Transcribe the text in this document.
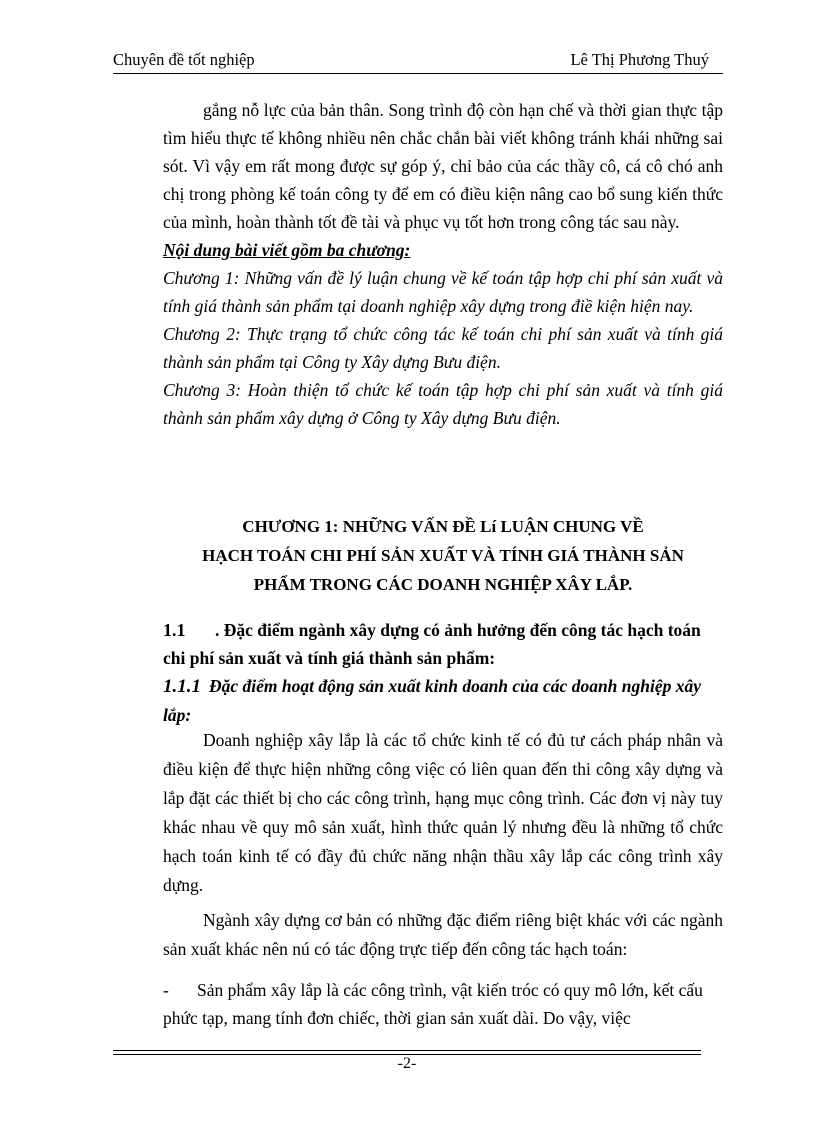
Chuyên đề tốt nghiệp	Lê Thị Phương Thuý

gắng nỗ lực của bản thân. Song trình độ còn hạn chế và thời gian thực tập tìm hiểu thực tế không nhiều nên chắc chắn bài viết không tránh khái những sai sót. Vì vậy em rất mong được sự góp ý, chỉ bảo của các thầy cô, cá cô chó anh chị trong phòng kế toán công ty để em có điều kiện nâng cao bổ sung kiến thức của mình, hoàn thành tốt đề tài và phục vụ tốt hơn trong công tác sau này.

Nội dung bài viết gồm ba chương:

Chương 1: Những vấn đề lý luận chung về kế toán tập hợp chi phí sản xuất và tính giá thành sản phẩm tại doanh nghiệp xây dựng trong điề kiện hiện nay.

Chương 2: Thực trạng tổ chức công tác kế toán chi phí sản xuất và tính giá thành sản phẩm tại Công ty Xây dựng Bưu điện.

Chương 3: Hoàn thiện tổ chức kế toán tập hợp chi phí sản xuất và tính giá thành sản phẩm xây dựng ở Công ty Xây dựng Bưu điện.

CHƯƠNG 1: NHỮNG VẤN ĐỀ Lí LUẬN CHUNG VỀ
HẠCH TOÁN CHI PHÍ SẢN XUẤT VÀ TÍNH GIÁ THÀNH SẢN
PHẨM TRONG CÁC DOANH NGHIỆP XÂY LẮP.
1.1 . Đặc điểm ngành xây dựng có ảnh hưởng đến công tác hạch toán chi phí sản xuất và tính giá thành sản phẩm:
1.1.1 Đặc điểm hoạt động sản xuất kinh doanh của các doanh nghiệp xây lắp:

Doanh nghiệp xây lắp là các tổ chức kinh tế có đủ tư cách pháp nhân và điều kiện để thực hiện những công việc có liên quan đến thi công xây dựng và lắp đặt các thiết bị cho các công trình, hạng mục công trình. Các đơn vị này tuy khác nhau về quy mô sản xuất, hình thức quản lý nhưng đều là những tổ chức hạch toán kinh tế có đầy đủ chức năng nhận thầu xây lắp các công trình xây dựng.

Ngành xây dựng cơ bản có những đặc điểm riêng biệt khác với các ngành sản xuất khác nên nú có tác động trực tiếp đến công tác hạch toán:

- Sản phẩm xây lắp là các công trình, vật kiến tróc có quy mô lớn, kết cấu phức tạp, mang tính đơn chiếc, thời gian sản xuất dài. Do vậy, việc
-2-
